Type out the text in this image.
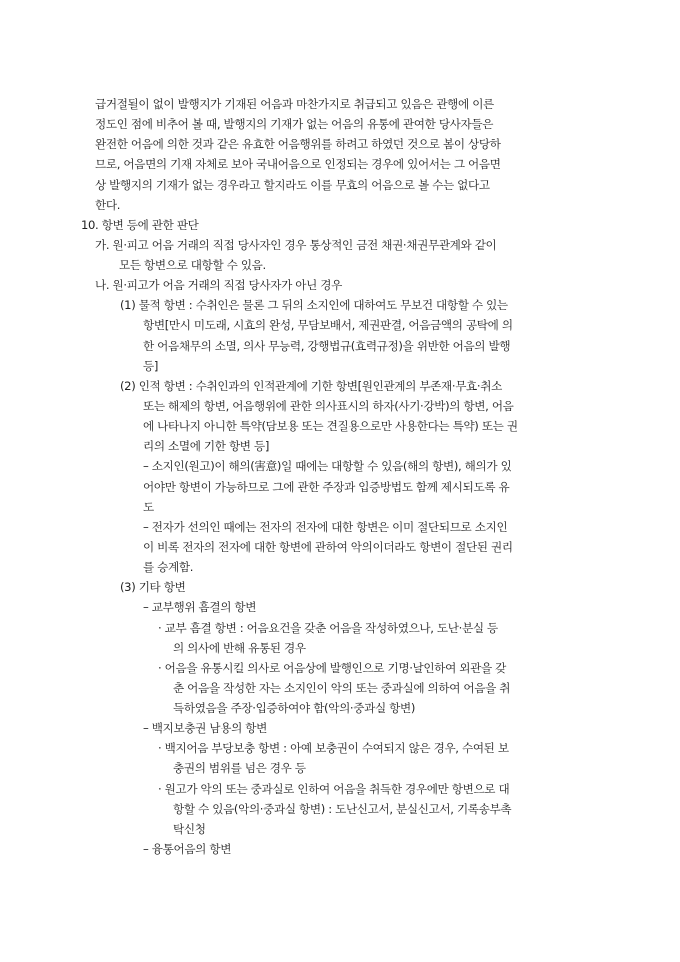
급거절될이 없이 발행지가 기재된 어음과 마찬가지로 취급되고 있음은 관행에 이른

정도인 점에 비추어 볼 때, 발행지의 기재가 없는 어음의 유통에 관여한 당사자들은

완전한 어음에 의한 것과 같은 유효한 어음행위를 하려고 하였던 것으로 봄이 상당하

므로, 어음면의 기재 자체로 보아 국내어음으로 인정되는 경우에 있어서는 그 어음면

상 발행지의 기재가 없는 경우라고 할지라도 이를 무효의 어음으로 볼 수는 없다고

한다.

10. 항변 등에 관한 판단

가. 원·피고 어음 거래의 직접 당사자인 경우 통상적인 금전 채권·채권무관계와 같이

모든 항변으로 대항할 수 있음.

나. 원·피고가 어음 거래의 직접 당사자가 아닌 경우

(1) 물적 항변 : 수취인은 물론 그 뒤의 소지인에 대하여도 무보건 대항할 수 있는

항변[만시 미도래, 시효의 완성, 무담보배서, 제권판결, 어음금액의 공탁에 의

한 어음채무의 소멸, 의사 무능력, 강행법규(효력규정)을 위반한 어음의 발행

등]

(2) 인적 항변 : 수취인과의 인적관계에 기한 항변[원인관계의 부존재·무효·취소

또는 해제의 항변, 어음행위에 관한 의사표시의 하자(사기·강박)의 항변, 어음

에 나타나지 아니한 특약(담보용 또는 견질용으로만 사용한다는 특약) 또는 권

리의 소멸에 기한 항변 등]

– 소지인(원고)이 해의(害意)일 때에는 대항할 수 있음(해의 항변), 해의가 있

어야만 항변이 가능하므로 그에 관한 주장과 입증방법도 함께 제시되도록 유

도

– 전자가 선의인 때에는 전자의 전자에 대한 항변은 이미 절단되므로 소지인

이 비록 전자의 전자에 대한 항변에 관하여 악의이더라도 항변이 절단된 권리

를 승계함.

(3) 기타 항변

– 교부행위 흠결의 항변

· 교부 흠결 항변 : 어음요건을 갖춘 어음을 작성하였으나, 도난·분실 등

의 의사에 반해 유통된 경우

· 어음을 유통시킬 의사로 어음상에 발행인으로 기명·날인하여 외관을 갖

춘 어음을 작성한 자는 소지인이 악의 또는 중과실에 의하여 어음을 취

득하였음을 주장·입증하여야 함(악의·중과실 항변)

– 백지보충권 남용의 항변

· 백지어음 부당보충 항변 : 아예 보충권이 수여되지 않은 경우, 수여된 보

충권의 범위를 넘은 경우 등

· 원고가 악의 또는 중과실로 인하여 어음을 취득한 경우에만 항변으로 대

항할 수 있음(악의·중과실 항변) : 도난신고서, 분실신고서, 기록송부촉

탁신청

– 융통어음의 항변
